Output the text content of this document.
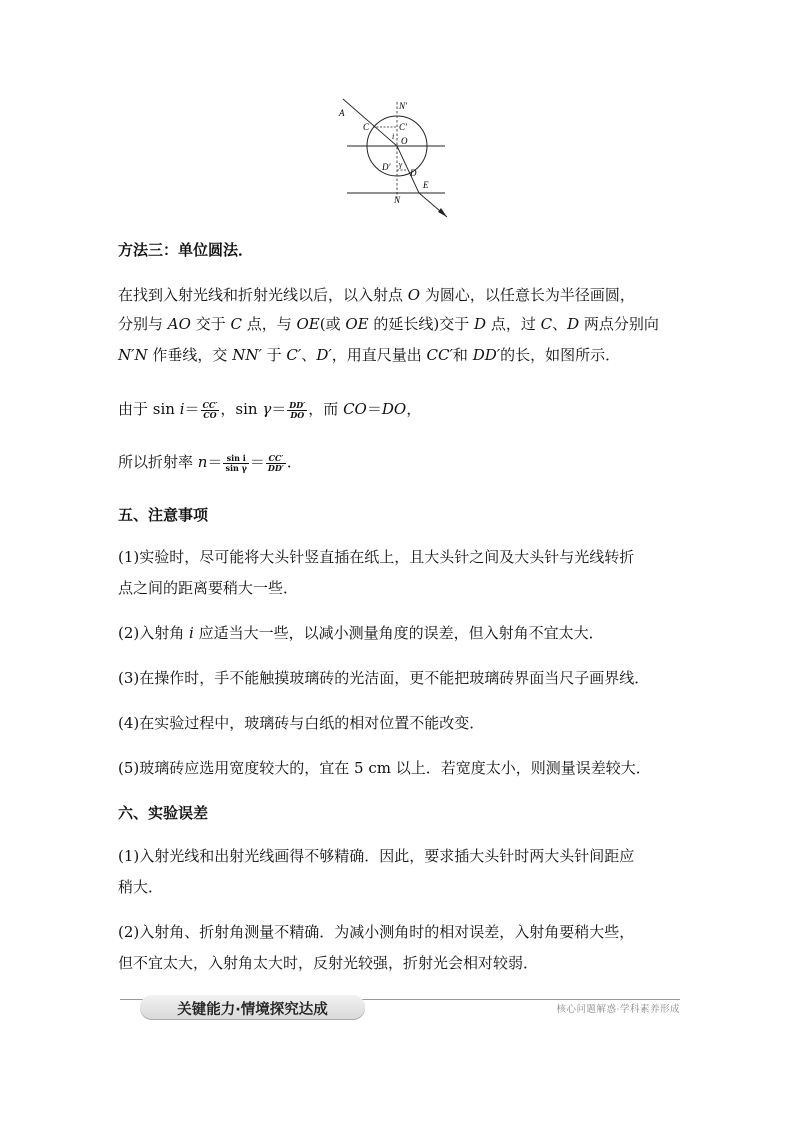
A
C	C′
i O
N′
D′ γ
D
E
N
方法三：单位圆法．
在找到入射光线和折射光线以后，以入射点 O 为圆心，以任意长为半径画圆，
分别与 AO 交于 C 点，与 OE(或 OE 的延长线)交于 D 点，过 C、D 两点分别向
N′N 作垂线，交 NN′ 于 C′、D′，用直尺量出 CC′和 DD′的长，如图所示．
由于 $\sin i= \frac{CC'}{CO}$ ，$\sin \gamma= \frac{DD'}{DO}$ ，而 CO＝DO，
所以折射率 $n= \frac{\text{sin i}}{\text{sin γ}} = \frac{CC'}{DD'}$ ．
五、注意事项
(1)实验时，尽可能将大头针竖直插在纸上，且大头针之间及大头针与光线转折
点之间的距离要稍大一些．
(2)入射角 i 应适当大一些，以减小测量角度的误差，但入射角不宜太大．
(3)在操作时，手不能触摸玻璃砖的光洁面，更不能把玻璃砖界面当尺子画界线．
(4)在实验过程中，玻璃砖与白纸的相对位置不能改变．
(5)玻璃砖应选用宽度较大的，宜在 5 cm 以上．若宽度太小，则测量误差较大．
六、实验误差
(1)入射光线和出射光线画得不够精确．因此，要求插大头针时两大头针间距应
稍大．
(2)入射角、折射角测量不精确．为减小测角时的相对误差，入射角要稍大些，
但不宜太大，入射角太大时，反射光较强，折射光会相对较弱．
关键能力·情境探究达成	核心问题解惑·学科素养形成
